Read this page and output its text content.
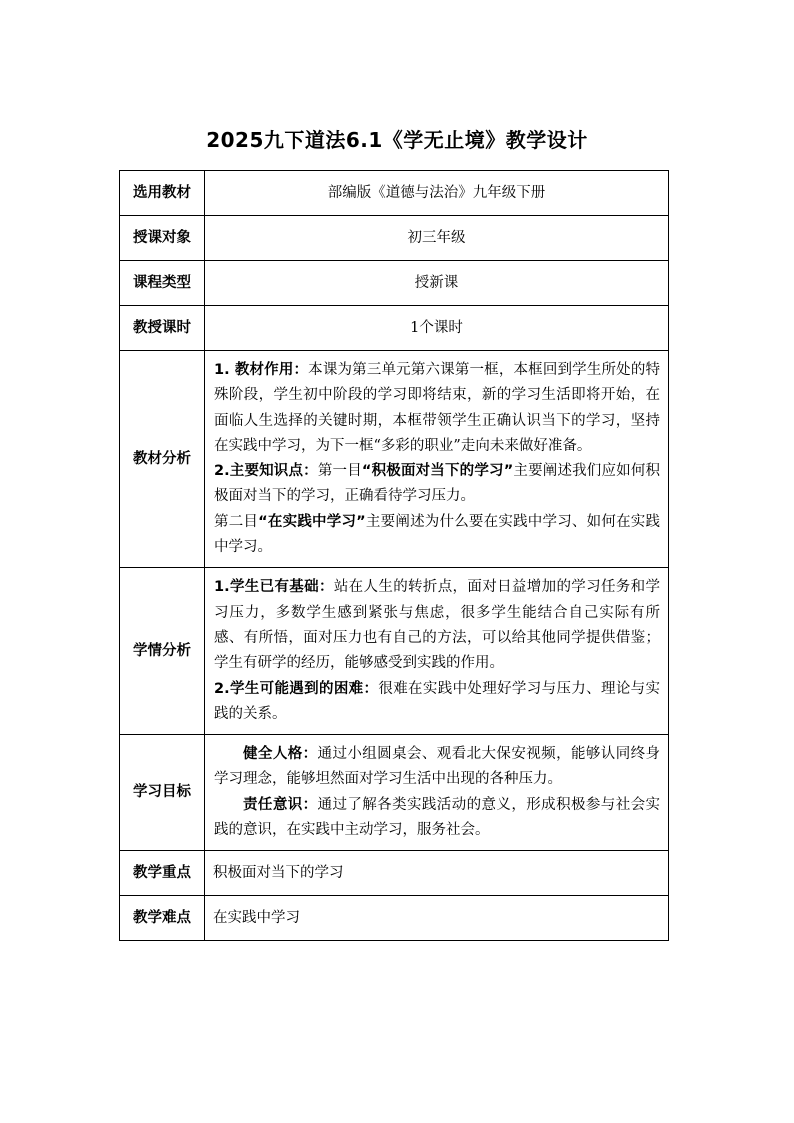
2025九下道法6.1《学无止境》教学设计
选用教材	部编版《道德与法治》九年级下册
授课对象	初三年级
课程类型	授新课
教授课时	1个课时
教材分析	1. 教材作用：本课为第三单元第六课第一框，本框回到学生所处的特殊阶段，学生初中阶段的学习即将结束，新的学习生活即将开始，在面临人生选择的关键时期，本框带领学生正确认识当下的学习，坚持在实践中学习，为下一框“多彩的职业”走向未来做好准备。

2.主要知识点：第一目“积极面对当下的学习”主要阐述我们应如何积极面对当下的学习，正确看待学习压力。

第二目“在实践中学习”主要阐述为什么要在实践中学习、如何在实践中学习。

学情分析	1.学生已有基础：站在人生的转折点，面对日益增加的学习任务和学习压力，多数学生感到紧张与焦虑，很多学生能结合自己实际有所感、有所悟，面对压力也有自己的方法，可以给其他同学提供借鉴；学生有研学的经历，能够感受到实践的作用。

2.学生可能遇到的困难：很难在实践中处理好学习与压力、理论与实践的关系。

学习目标	健全人格：通过小组圆桌会、观看北大保安视频，能够认同终身学习理念，能够坦然面对学习生活中出现的各种压力。

责任意识：通过了解各类实践活动的意义，形成积极参与社会实践的意识，在实践中主动学习，服务社会。

教学重点	积极面对当下的学习
教学难点	在实践中学习
